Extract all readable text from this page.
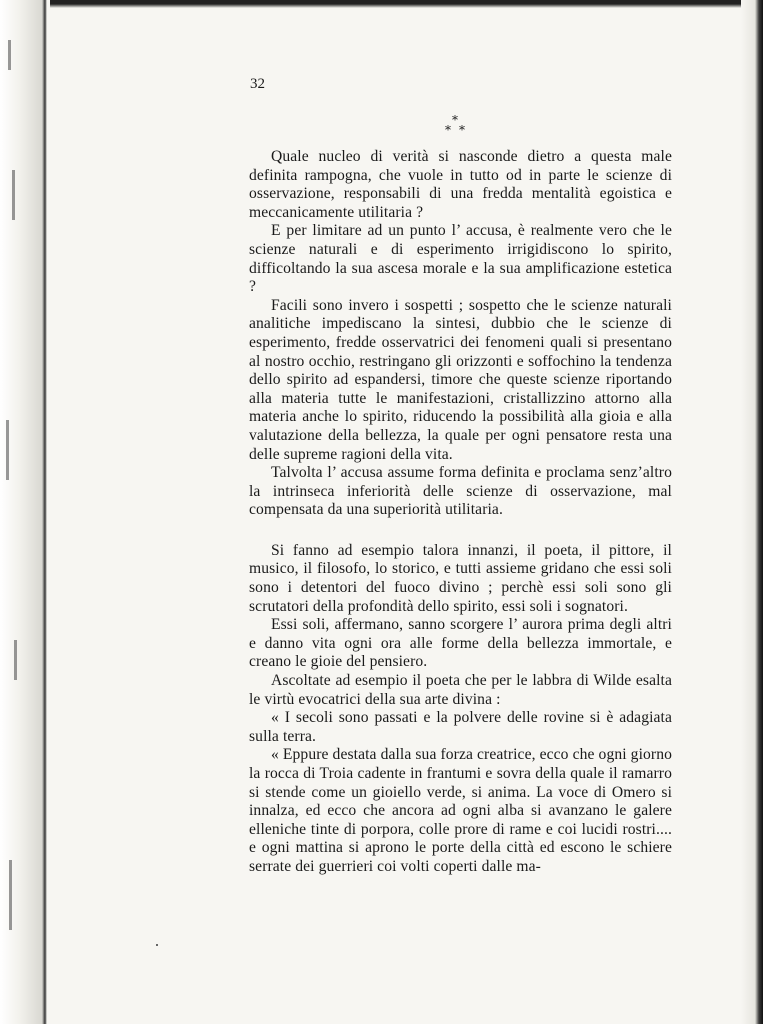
32
*
* *

Quale nucleo di verità si nasconde dietro a questa male definita rampogna, che vuole in tutto od in parte le scienze di osservazione, responsabili di una fredda mentalità egoistica e meccanicamente utilitaria ?

E per limitare ad un punto l’ accusa, è realmente vero che le scienze naturali e di esperimento irrigidiscono lo spirito, difficoltando la sua ascesa morale e la sua amplificazione estetica ?

Facili sono invero i sospetti ; sospetto che le scienze naturali analitiche impediscano la sintesi, dubbio che le scienze di esperimento, fredde osservatrici dei fenomeni quali si presentano al nostro occhio, restringano gli orizzonti e soffochino la tendenza dello spirito ad espandersi, timore che queste scienze riportando alla materia tutte le manifestazioni, cristallizzino attorno alla materia anche lo spirito, riducendo la possibilità alla gioia e alla valutazione della bellezza, la quale per ogni pensatore resta una delle supreme ragioni della vita.

Talvolta l’ accusa assume forma definita e proclama senz’altro la intrinseca inferiorità delle scienze di osservazione, mal compensata da una superiorità utilitaria.

Si fanno ad esempio talora innanzi, il poeta, il pittore, il musico, il filosofo, lo storico, e tutti assieme gridano che essi soli sono i detentori del fuoco divino ; perchè essi soli sono gli scrutatori della profondità dello spirito, essi soli i sognatori.

Essi soli, affermano, sanno scorgere l’ aurora prima degli altri e danno vita ogni ora alle forme della bellezza immortale, e creano le gioie del pensiero.

Ascoltate ad esempio il poeta che per le labbra di Wilde esalta le virtù evocatrici della sua arte divina :

« I secoli sono passati e la polvere delle rovine si è adagiata sulla terra.

« Eppure destata dalla sua forza creatrice, ecco che ogni giorno la rocca di Troia cadente in frantumi e sovra della quale il ramarro si stende come un gioiello verde, si anima. La voce di Omero si innalza, ed ecco che ancora ad ogni alba si avanzano le galere elleniche tinte di porpora, colle prore di rame e coi lucidi rostri.... e ogni mattina si aprono le porte della città ed escono le schiere serrate dei guerrieri coi volti coperti dalle ma-
